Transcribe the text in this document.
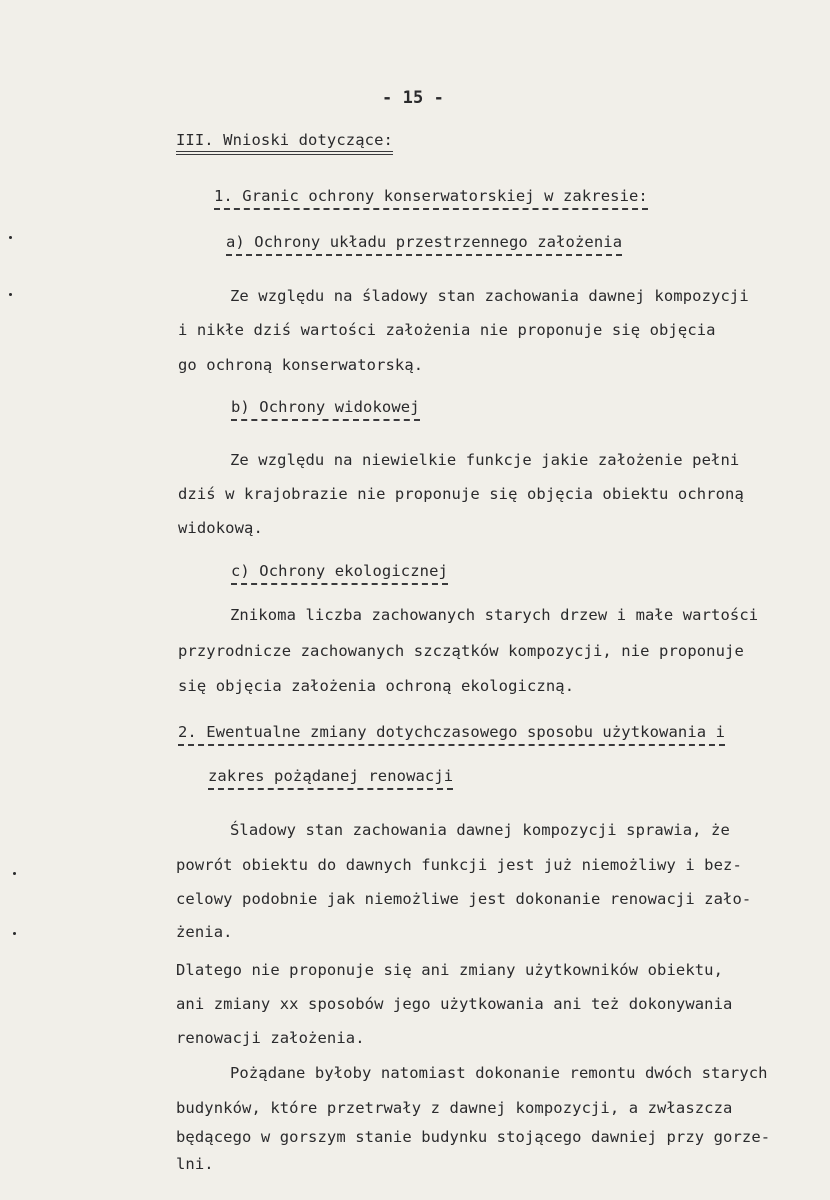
- 15 -
III. Wnioski dotyczące:
1. Granic ochrony konserwatorskiej w zakresie:
a) Ochrony układu przestrzennego założenia
Ze względu na śladowy stan zachowania dawnej kompozycji
i nikłe dziś wartości założenia nie proponuje się objęcia
go ochroną konserwatorską.
b) Ochrony widokowej
Ze względu na niewielkie funkcje jakie założenie pełni
dziś w krajobrazie nie proponuje się objęcia obiektu ochroną
widokową.
c) Ochrony ekologicznej
Znikoma liczba zachowanych starych drzew i małe wartości
przyrodnicze zachowanych szczątków kompozycji, nie proponuje
się objęcia założenia ochroną ekologiczną.
2. Ewentualne zmiany dotychczasowego sposobu użytkowania i
zakres pożądanej renowacji
Śladowy stan zachowania dawnej kompozycji sprawia, że
powrót obiektu do dawnych funkcji jest już niemożliwy i bez-
celowy podobnie jak niemożliwe jest dokonanie renowacji zało-
żenia.
Dlatego nie proponuje się ani zmiany użytkowników obiektu,
ani zmiany xx sposobów jego użytkowania ani też dokonywania
renowacji założenia.
Pożądane byłoby natomiast dokonanie remontu dwóch starych
budynków, które przetrwały z dawnej kompozycji, a zwłaszcza
będącego w gorszym stanie budynku stojącego dawniej przy gorze-
lni.
